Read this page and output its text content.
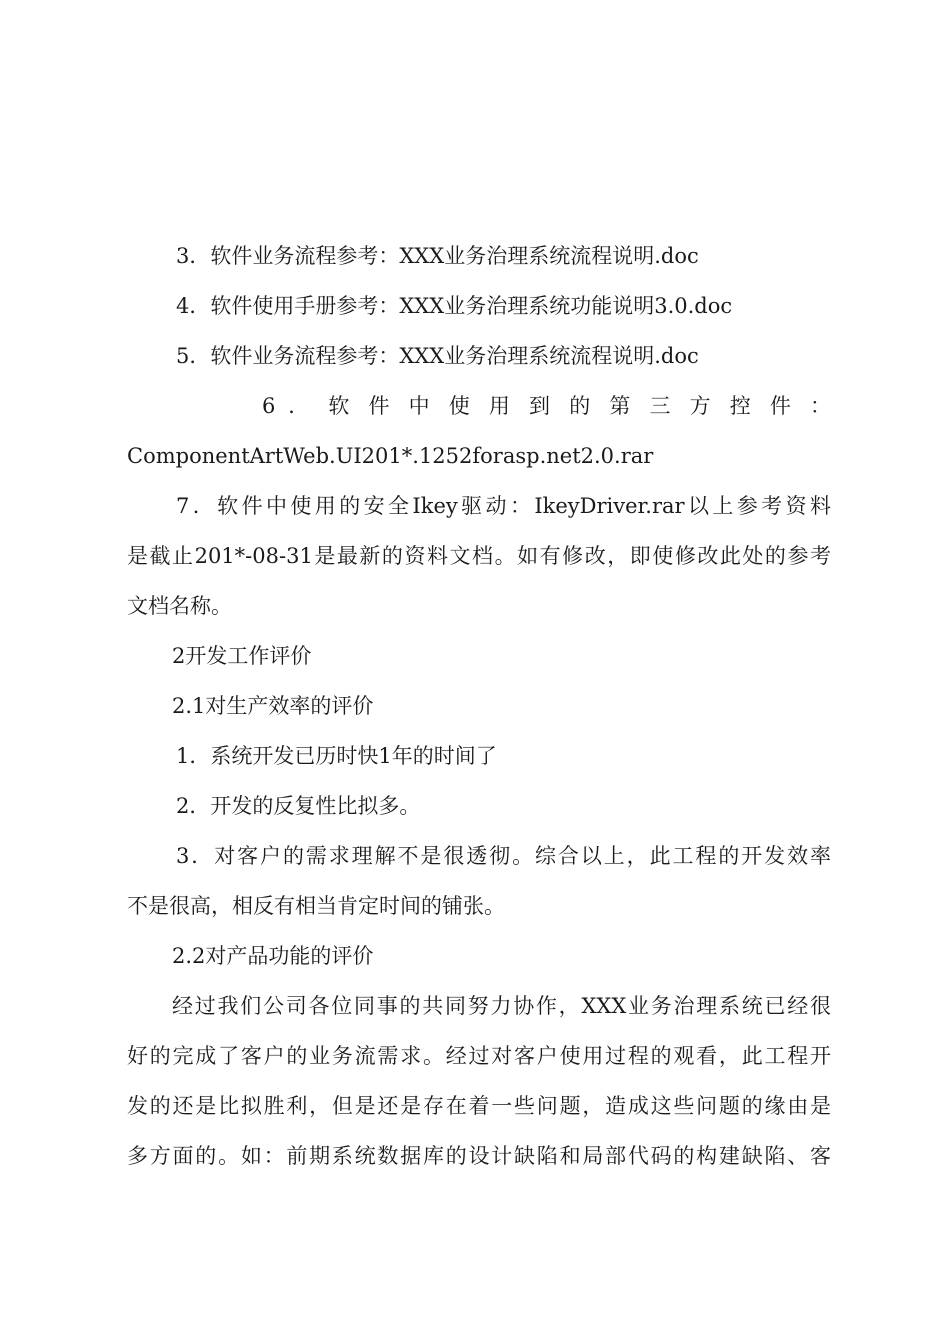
3．软件业务流程参考：XXX业务治理系统流程说明.doc
4．软件使用手册参考：XXX业务治理系统功能说明3.0.doc
5．软件业务流程参考：XXX业务治理系统流程说明.doc
6 ． 软 件 中 使 用 到 的 第 三 方 控 件 ：
ComponentArtWeb.UI201*.1252forasp.net2.0.rar
7．软件中使用的安全Ikey驱动：IkeyDriver.rar以上参考资料
是截止201*-08-31是最新的资料文档。如有修改，即使修改此处的参考
文档名称。
2开发工作评价
2.1对生产效率的评价
1．系统开发已历时快1年的时间了
2．开发的反复性比拟多。
3．对客户的需求理解不是很透彻。综合以上，此工程的开发效率
不是很高，相反有相当肯定时间的铺张。
2.2对产品功能的评价
经过我们公司各位同事的共同努力协作，XXX业务治理系统已经很
好的完成了客户的业务流需求。经过对客户使用过程的观看，此工程开
发的还是比拟胜利，但是还是存在着一些问题，造成这些问题的缘由是
多方面的。如：前期系统数据库的设计缺陷和局部代码的构建缺陷、客
